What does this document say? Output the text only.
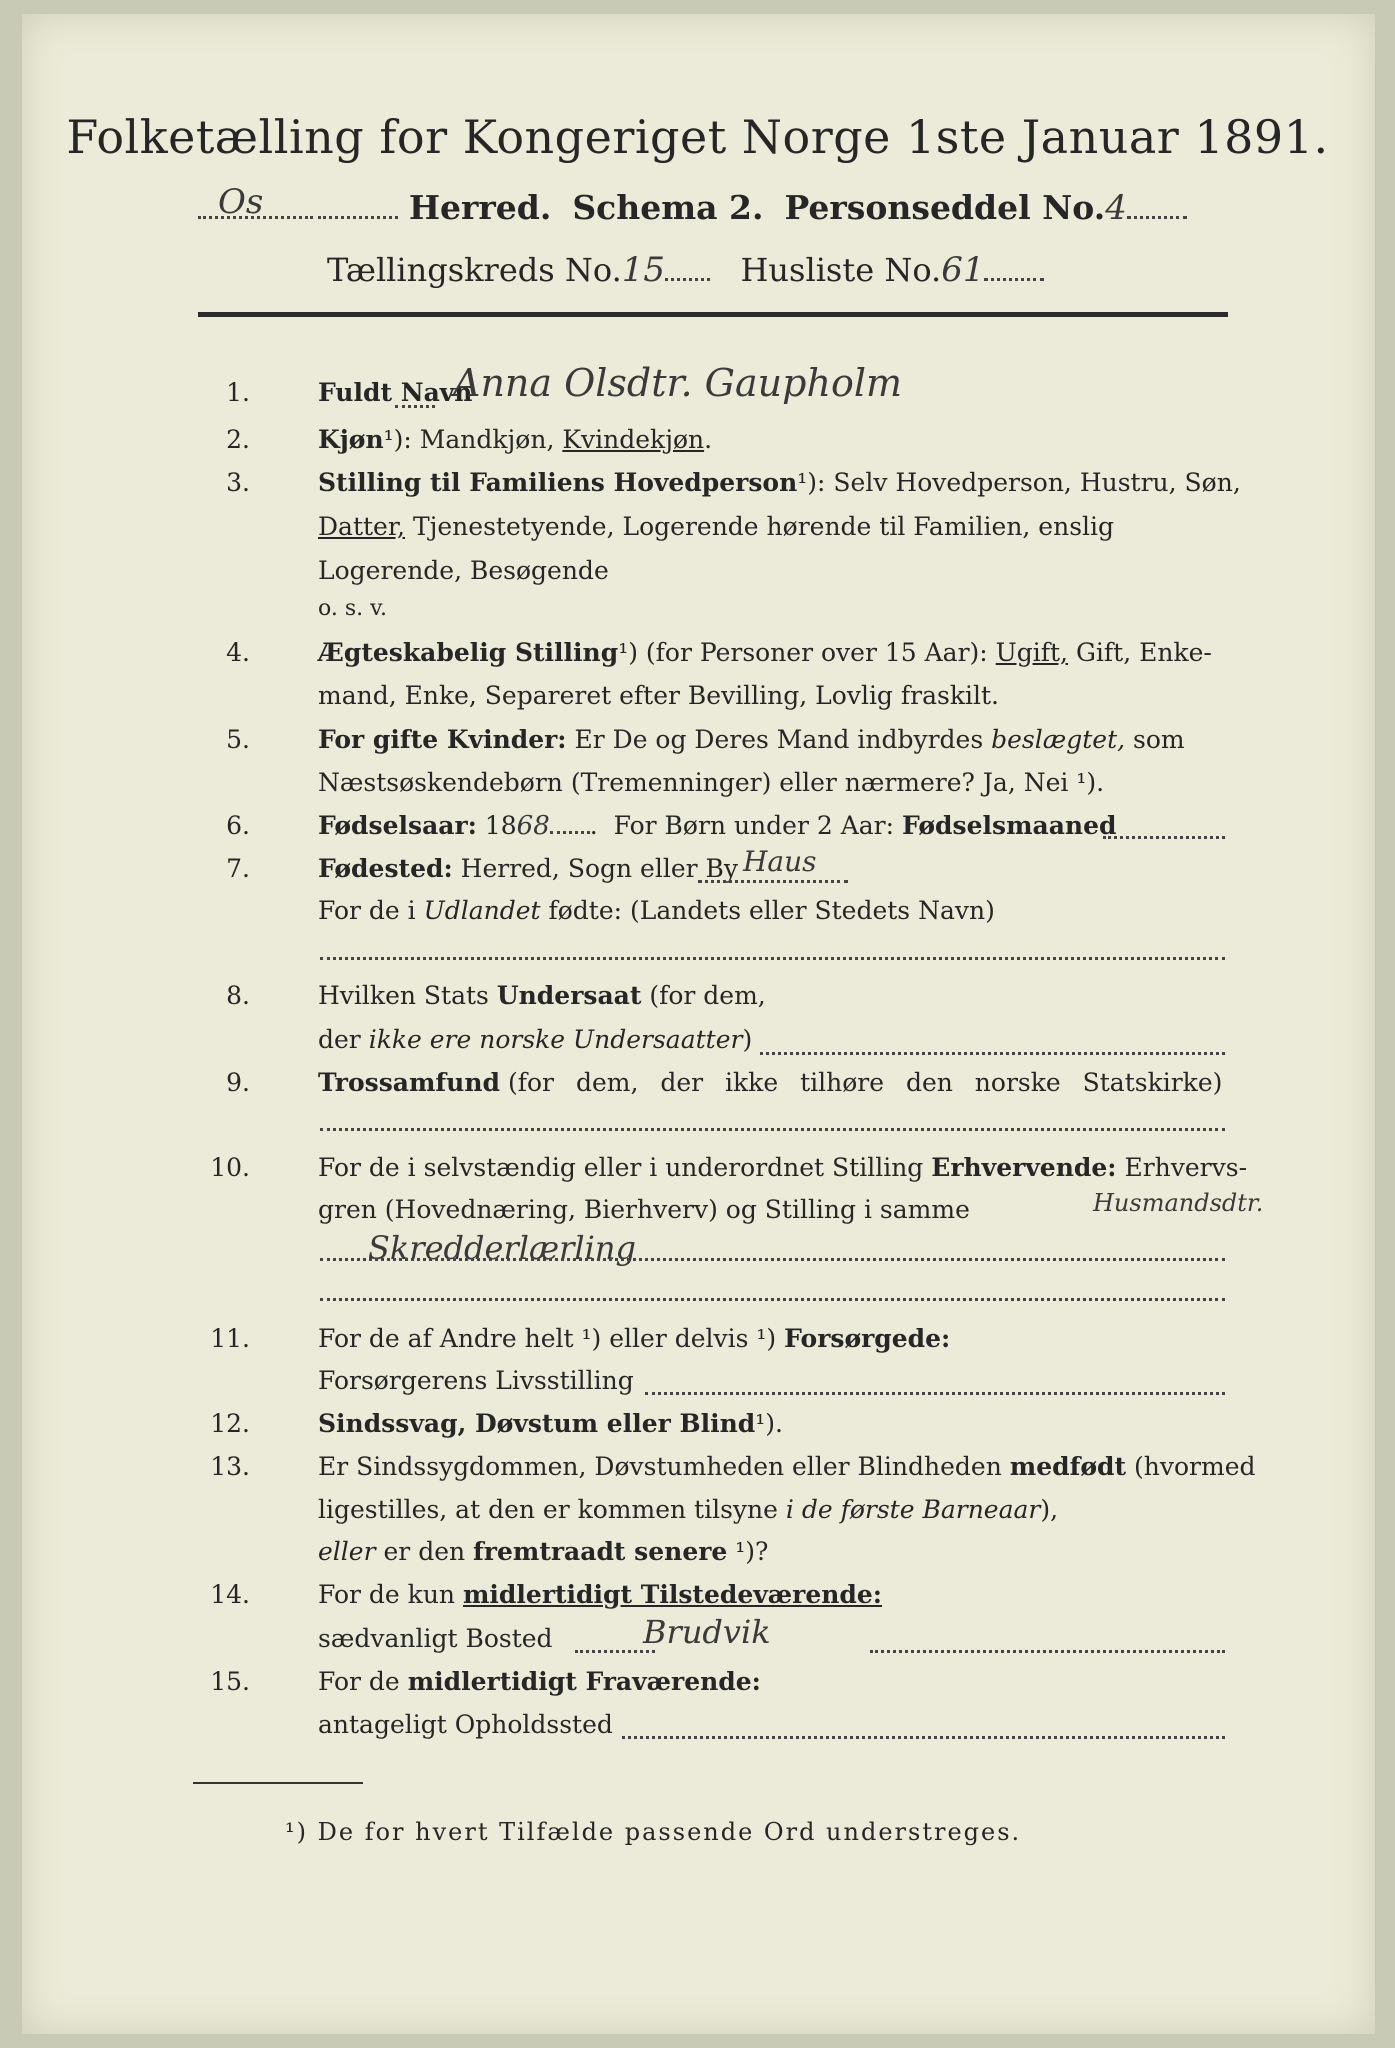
Folketælling for Kongeriget Norge 1ste Januar 1891.
Os	Herred. Schema 2. Personseddel No.4
Tællingskreds No.15 Husliste No.61
1.	Fuldt Navn
Anna Olsdtr. Gaupholm
2.	Kjøn¹): Mandkjøn, Kvindekjøn.
3.	Stilling til Familiens Hovedperson¹): Selv Hovedperson, Hustru, Søn,
Datter, Tjenestetyende, Logerende hørende til Familien, enslig
Logerende, Besøgende
o. s. v.
4.	Ægteskabelig Stilling¹) (for Personer over 15 Aar): Ugift, Gift, Enke-
mand, Enke, Separeret efter Bevilling, Lovlig fraskilt.
5.	For gifte Kvinder: Er De og Deres Mand indbyrdes beslægtet, som
Næstsøskendebørn (Tremenninger) eller nærmere? Ja, Nei ¹).
6.	Fødselsaar: 1868 .  For Børn under 2 Aar: Fødselsmaaned
7.	Fødested: Herred, Sogn eller By Haus
For de i Udlandet fødte: (Landets eller Stedets Navn)
8.	Hvilken Stats Undersaat (for dem,
der ikke ere norske Undersaatter)
9.	Trossamfund (for dem, der ikke tilhøre den norske Statskirke)
10.	For de i selvstændig eller i underordnet Stilling Erhvervende: Erhvervs-
gren (Hovednæring, Bierhverv) og Stilling i samme	Husmandsdtr.
Skredderlærling
11.	For de af Andre helt ¹) eller delvis ¹) Forsørgede:
Forsørgerens Livsstilling
12.	Sindssvag, Døvstum eller Blind¹).
13.	Er Sindssygdommen, Døvstumheden eller Blindheden medfødt (hvormed
ligestilles, at den er kommen tilsyne i de første Barneaar),
eller er den fremtraadt senere ¹)?
14.	For de kun midlertidigt Tilstedeværende:
sædvanligt Bosted	Brudvik
15.	For de midlertidigt Fraværende:
antageligt Opholdssted
¹) De for hvert Tilfælde passende Ord understreges.
